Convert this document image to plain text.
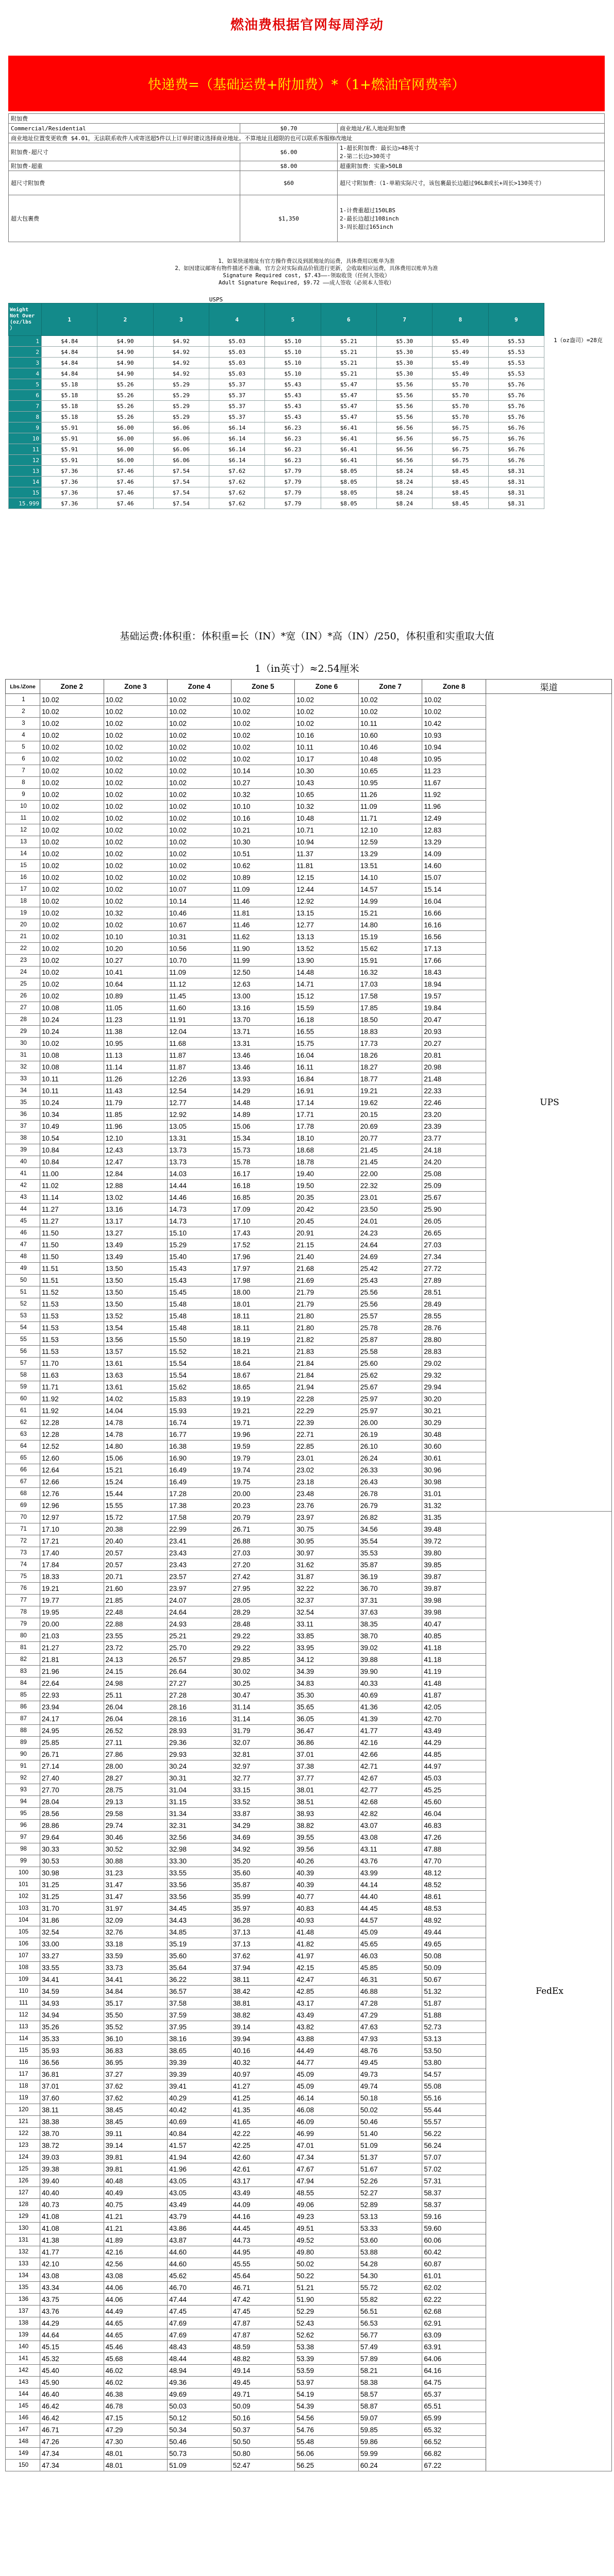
燃油费根据官网每周浮动
快递费=（基础运费+附加费）*（1+燃油官网费率）
附加费		
Commercial/Residential	$0.70	商业地址/私人地址附加费
商业地址位置变更收费 $4.01，无法联系收件人或寄送超5件以上订单时建议选择商业地址。不算地址且超限的也可以联系客服修改地址		
附加费-超尺寸	$6.00	1-超长附加费：最长边>48英寸
2-第二长边>30英寸
附加费-超重	$8.00	超重附加费：实重>50LB
超尺寸附加费	$60	超尺寸附加费：（1-单箱实际尺寸，该包裹最长边超过96LB或长+周长>130英寸）
超大包裹费	$1,350	1-计费重超过150LBS
2-最长边超过108inch
3-周长超过165inch
1、如果快递地址有官方操作费以及到派地址的运费，具体费用以账单为准
2、如因建议邮寄有物件描述不准确，官方会对实际商品价值进行更新，会收取相应运费，具体费用以账单为准
Signature Required cost, $7.43——-领取收货（任何人签收）
Adult Signature Required, $9.72 ——成人签收（必须本人签收）
USPS
1（oz盎司）=28克
Weight
Not Over
(oz/lbs
）	1	2	3	4	5	6	7	8	9
1	$4.84	$4.90	$4.92	$5.03	$5.10	$5.21	$5.30	$5.49	$5.53
2	$4.84	$4.90	$4.92	$5.03	$5.10	$5.21	$5.30	$5.49	$5.53
3	$4.84	$4.90	$4.92	$5.03	$5.10	$5.21	$5.30	$5.49	$5.53
4	$4.84	$4.90	$4.92	$5.03	$5.10	$5.21	$5.30	$5.49	$5.53
5	$5.18	$5.26	$5.29	$5.37	$5.43	$5.47	$5.56	$5.70	$5.76
6	$5.18	$5.26	$5.29	$5.37	$5.43	$5.47	$5.56	$5.70	$5.76
7	$5.18	$5.26	$5.29	$5.37	$5.43	$5.47	$5.56	$5.70	$5.76
8	$5.18	$5.26	$5.29	$5.37	$5.43	$5.47	$5.56	$5.70	$5.76
9	$5.91	$6.00	$6.06	$6.14	$6.23	$6.41	$6.56	$6.75	$6.76
10	$5.91	$6.00	$6.06	$6.14	$6.23	$6.41	$6.56	$6.75	$6.76
11	$5.91	$6.00	$6.06	$6.14	$6.23	$6.41	$6.56	$6.75	$6.76
12	$5.91	$6.00	$6.06	$6.14	$6.23	$6.41	$6.56	$6.75	$6.76
13	$7.36	$7.46	$7.54	$7.62	$7.79	$8.05	$8.24	$8.45	$8.31
14	$7.36	$7.46	$7.54	$7.62	$7.79	$8.05	$8.24	$8.45	$8.31
15	$7.36	$7.46	$7.54	$7.62	$7.79	$8.05	$8.24	$8.45	$8.31
15.999	$7.36	$7.46	$7.54	$7.62	$7.79	$8.05	$8.24	$8.45	$8.31
基础运费:体积重：体积重=长（IN）*宽（IN）*高（IN）/250，体积重和实重取大值
1（in英寸）≈2.54厘米
Lbs.\Zone	Zone 2	Zone 3	Zone 4	Zone 5	Zone 6	Zone 7	Zone 8	渠道
1	10.02	10.02	10.02	10.02	10.02	10.02	10.02	UPS
2	10.02	10.02	10.02	10.02	10.02	10.02	10.02	
3	10.02	10.02	10.02	10.02	10.02	10.11	10.42	
4	10.02	10.02	10.02	10.02	10.16	10.60	10.93	
5	10.02	10.02	10.02	10.02	10.11	10.46	10.94	
6	10.02	10.02	10.02	10.02	10.17	10.48	10.95	
7	10.02	10.02	10.02	10.14	10.30	10.65	11.23	
8	10.02	10.02	10.02	10.27	10.43	10.95	11.67	
9	10.02	10.02	10.02	10.32	10.65	11.26	11.92	
10	10.02	10.02	10.02	10.10	10.32	11.09	11.96	
11	10.02	10.02	10.02	10.16	10.48	11.71	12.49	
12	10.02	10.02	10.02	10.21	10.71	12.10	12.83	
13	10.02	10.02	10.02	10.30	10.94	12.59	13.29	
14	10.02	10.02	10.02	10.51	11.37	13.29	14.09	
15	10.02	10.02	10.02	10.62	11.81	13.51	14.60	
16	10.02	10.02	10.02	10.89	12.15	14.10	15.07	
17	10.02	10.02	10.07	11.09	12.44	14.57	15.14	
18	10.02	10.02	10.14	11.46	12.92	14.99	16.04	
19	10.02	10.32	10.46	11.81	13.15	15.21	16.66	
20	10.02	10.02	10.67	11.46	12.77	14.80	16.16	
21	10.02	10.10	10.31	11.62	13.13	15.19	16.56	
22	10.02	10.20	10.56	11.90	13.52	15.62	17.13	
23	10.02	10.27	10.70	11.99	13.90	15.91	17.66	
24	10.02	10.41	11.09	12.50	14.48	16.32	18.43	
25	10.02	10.64	11.12	12.63	14.71	17.03	18.94	
26	10.02	10.89	11.45	13.00	15.12	17.58	19.57	
27	10.08	11.05	11.60	13.16	15.59	17.85	19.84	
28	10.24	11.23	11.91	13.70	16.18	18.50	20.47	
29	10.24	11.38	12.04	13.71	16.55	18.83	20.93	
30	10.02	10.95	11.68	13.31	15.75	17.73	20.27	
31	10.08	11.13	11.87	13.46	16.04	18.26	20.81	
32	10.08	11.14	11.87	13.46	16.11	18.27	20.98	
33	10.11	11.26	12.26	13.93	16.84	18.77	21.48	
34	10.11	11.43	12.54	14.29	16.91	19.21	22.33	
35	10.24	11.79	12.77	14.48	17.14	19.62	22.46	
36	10.34	11.85	12.92	14.89	17.71	20.15	23.20	
37	10.49	11.96	13.05	15.06	17.78	20.69	23.39	
38	10.54	12.10	13.31	15.34	18.10	20.77	23.77	
39	10.84	12.43	13.73	15.73	18.68	21.45	24.18	
40	10.84	12.47	13.73	15.78	18.78	21.45	24.20	
41	11.00	12.84	14.03	16.17	19.40	22.00	25.08	
42	11.02	12.88	14.44	16.18	19.50	22.32	25.09	
43	11.14	13.02	14.46	16.85	20.35	23.01	25.67	
44	11.27	13.16	14.73	17.09	20.42	23.50	25.90	
45	11.27	13.17	14.73	17.10	20.45	24.01	26.05	
46	11.50	13.27	15.10	17.43	20.91	24.23	26.65	
47	11.50	13.49	15.29	17.52	21.15	24.64	27.03	
48	11.50	13.49	15.40	17.96	21.40	24.69	27.34	
49	11.51	13.50	15.43	17.97	21.68	25.42	27.72	
50	11.51	13.50	15.43	17.98	21.69	25.43	27.89	
51	11.52	13.50	15.45	18.00	21.79	25.56	28.51	
52	11.53	13.50	15.48	18.01	21.79	25.56	28.49	
53	11.53	13.52	15.48	18.11	21.80	25.57	28.55	
54	11.53	13.54	15.48	18.11	21.80	25.78	28.76	
55	11.53	13.56	15.50	18.19	21.82	25.87	28.80	
56	11.53	13.57	15.52	18.21	21.83	25.58	28.83	
57	11.70	13.61	15.54	18.64	21.84	25.60	29.02	
58	11.63	13.63	15.54	18.67	21.84	25.62	29.32	
59	11.71	13.61	15.62	18.65	21.94	25.67	29.94	
60	11.92	14.02	15.83	19.19	22.28	25.97	30.20	
61	11.92	14.04	15.93	19.21	22.29	25.97	30.21	
62	12.28	14.78	16.74	19.71	22.39	26.00	30.29	
63	12.28	14.78	16.77	19.96	22.71	26.19	30.48	
64	12.52	14.80	16.38	19.59	22.85	26.10	30.60	
65	12.60	15.06	16.90	19.79	23.01	26.24	30.61	
66	12.64	15.21	16.49	19.74	23.02	26.33	30.96	
67	12.66	15.24	16.49	19.75	23.18	26.43	30.98	
68	12.76	15.44	17.28	20.00	23.48	26.78	31.01	
69	12.96	15.55	17.38	20.23	23.76	26.79	31.32	
70	12.97	15.72	17.58	20.79	23.97	26.82	31.35	FedEx
71	17.10	20.38	22.99	26.71	30.75	34.56	39.48	
72	17.21	20.40	23.41	26.88	30.95	35.54	39.72	
73	17.40	20.57	23.43	27.03	30.97	35.53	39.80	
74	17.84	20.57	23.43	27.20	31.62	35.87	39.85	
75	18.33	20.71	23.57	27.42	31.87	36.19	39.87	
76	19.21	21.60	23.97	27.95	32.22	36.70	39.87	
77	19.77	21.85	24.07	28.05	32.37	37.31	39.98	
78	19.95	22.48	24.64	28.29	32.54	37.63	39.98	
79	20.00	22.88	24.93	28.48	33.11	38.35	40.47	
80	21.03	23.55	25.21	29.22	33.85	38.70	40.85	
81	21.27	23.72	25.70	29.22	33.95	39.02	41.18	
82	21.81	24.13	26.57	29.85	34.12	39.88	41.18	
83	21.96	24.15	26.64	30.02	34.39	39.90	41.19	
84	22.64	24.98	27.27	30.25	34.83	40.33	41.48	
85	22.93	25.11	27.28	30.47	35.30	40.69	41.87	
86	23.94	26.04	28.16	31.14	35.65	41.36	42.05	
87	24.17	26.04	28.16	31.14	36.05	41.39	42.70	
88	24.95	26.52	28.93	31.79	36.47	41.77	43.49	
89	25.85	27.11	29.36	32.07	36.86	42.16	44.29	
90	26.71	27.86	29.93	32.81	37.01	42.66	44.85	
91	27.14	28.00	30.24	32.97	37.38	42.71	44.97	
92	27.40	28.27	30.31	32.77	37.77	42.67	45.03	
93	27.70	28.75	31.04	33.15	38.01	42.77	45.25	
94	28.04	29.13	31.15	33.52	38.51	42.68	45.60	
95	28.56	29.58	31.34	33.87	38.93	42.82	46.04	
96	28.86	29.74	32.31	34.29	38.82	43.07	46.83	
97	29.64	30.46	32.56	34.69	39.55	43.08	47.26	
98	30.33	30.52	32.98	34.92	39.56	43.11	47.88	
99	30.53	30.88	33.30	35.20	40.26	43.76	47.70	
100	30.98	31.23	33.55	35.60	40.39	43.99	48.12	
101	31.25	31.47	33.56	35.87	40.39	44.14	48.52	
102	31.25	31.47	33.56	35.99	40.77	44.40	48.61	
103	31.70	31.97	34.45	35.97	40.83	44.45	48.53	
104	31.86	32.09	34.43	36.28	40.93	44.57	48.92	
105	32.54	32.76	34.85	37.13	41.48	45.09	49.44	
106	33.00	33.18	35.19	37.13	41.82	45.65	49.65	
107	33.27	33.59	35.60	37.62	41.97	46.03	50.08	
108	33.55	33.73	35.64	37.94	42.15	45.85	50.09	
109	34.41	34.41	36.22	38.11	42.47	46.31	50.67	
110	34.59	34.84	36.57	38.42	42.85	46.88	51.32	
111	34.93	35.17	37.58	38.81	43.17	47.28	51.87	
112	34.94	35.50	37.59	38.82	43.49	47.29	51.88	
113	35.26	35.52	37.95	39.14	43.82	47.63	52.73	
114	35.33	36.10	38.16	39.94	43.88	47.93	53.13	
115	35.93	36.83	38.65	40.16	44.49	48.76	53.50	
116	36.56	36.95	39.39	40.32	44.77	49.45	53.80	
117	36.81	37.27	39.39	40.97	45.09	49.73	54.57	
118	37.01	37.62	39.41	41.27	45.09	49.74	55.08	
119	37.60	37.62	40.29	41.25	46.14	50.18	55.16	
120	38.11	38.45	40.42	41.35	46.08	50.02	55.44	
121	38.38	38.45	40.69	41.65	46.09	50.46	55.57	
122	38.70	39.11	40.84	42.22	46.99	51.40	56.22	
123	38.72	39.14	41.57	42.25	47.01	51.09	56.24	
124	39.03	39.81	41.94	42.60	47.34	51.37	57.07	
125	39.38	39.81	41.96	42.61	47.67	51.67	57.02	
126	39.40	40.48	43.05	43.17	47.94	52.26	57.31	
127	40.40	40.49	43.05	43.49	48.55	52.27	58.37	
128	40.73	40.75	43.49	44.09	49.06	52.89	58.37	
129	41.08	41.21	43.79	44.16	49.23	53.13	59.16	
130	41.08	41.21	43.86	44.45	49.51	53.33	59.60	
131	41.38	41.89	43.87	44.73	49.52	53.60	60.06	
132	41.77	42.16	44.60	44.95	49.80	53.88	60.42	
133	42.10	42.56	44.60	45.55	50.02	54.28	60.87	
134	43.08	43.08	45.62	45.64	50.22	54.30	61.01	
135	43.34	44.06	46.70	46.71	51.21	55.72	62.02	
136	43.75	44.06	47.44	47.42	51.90	55.82	62.22	
137	43.76	44.49	47.45	47.45	52.29	56.51	62.68	
138	44.29	44.65	47.69	47.87	52.43	56.53	62.91	
139	44.64	44.65	47.69	47.87	52.62	56.77	63.09	
140	45.15	45.46	48.43	48.59	53.38	57.49	63.91	
141	45.32	45.68	48.44	48.82	53.39	57.89	64.06	
142	45.40	46.02	48.94	49.14	53.59	58.21	64.16	
143	45.90	46.02	49.36	49.45	53.97	58.38	64.75	
144	46.40	46.38	49.69	49.71	54.19	58.57	65.37	
145	46.42	46.78	50.03	50.09	54.39	58.87	65.51	
146	46.42	47.15	50.12	50.16	54.56	59.07	65.99	
147	46.71	47.29	50.34	50.37	54.76	59.85	65.32	
148	47.26	47.30	50.46	50.50	55.48	59.86	66.52	
149	47.34	48.01	50.73	50.80	56.06	59.99	66.82	
150	47.34	48.01	51.09	52.47	56.25	60.24	67.22	
